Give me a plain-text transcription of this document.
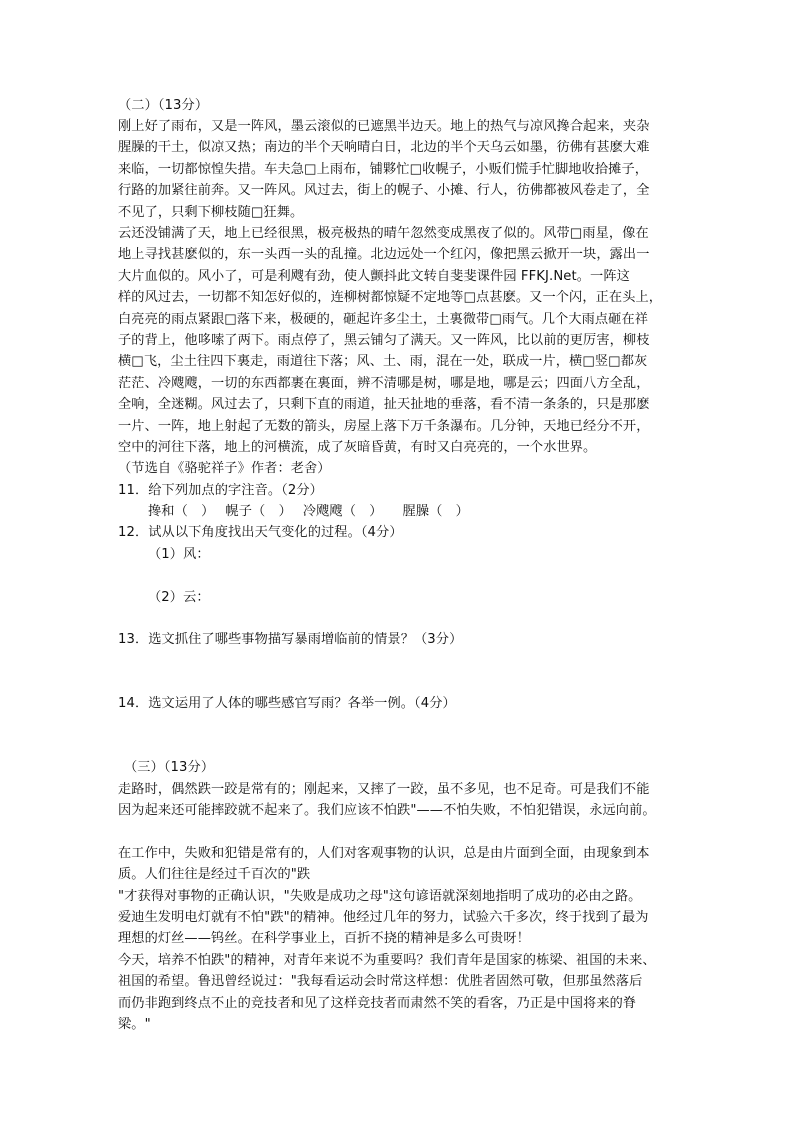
（二）（13分）
刚上好了雨布，又是一阵风，墨云滚似的已遮黑半边天。地上的热气与凉风搀合起来，夹杂
腥臊的干土，似凉又热；南边的半个天响晴白日，北边的半个天乌云如墨，彷佛有甚麽大难
来临，一切都惊惶失措。车夫急□上雨布，铺夥忙□收幌子，小贩们慌手忙脚地收拾摊子，
行路的加紧往前奔。又一阵风。风过去，街上的幌子、小摊、行人，彷佛都被风卷走了，全
不见了，只剩下柳枝随□狂舞。
云还没铺满了天，地上已经很黑，极亮极热的晴午忽然变成黑夜了似的。风带□雨星，像在
地上寻找甚麽似的，东一头西一头的乱撞。北边远处一个红闪，像把黑云掀开一块，露出一
大片血似的。风小了，可是利飕有劲，使人颤抖此文转自斐斐课件园 FFKJ.Net。一阵这
样的风过去，一切都不知怎好似的，连柳树都惊疑不定地等□点甚麽。又一个闪，正在头上，
白亮亮的雨点紧跟□落下来，极硬的，砸起许多尘土，土裏微带□雨气。几个大雨点砸在祥
子的背上，他哆嗦了两下。雨点停了，黑云铺匀了满天。又一阵风，比以前的更厉害，柳枝
横□飞，尘土往四下裏走，雨道往下落；风、土、雨，混在一处，联成一片，横□竖□都灰
茫茫、冷飕飕，一切的东西都裹在裏面，辨不清哪是树，哪是地，哪是云；四面八方全乱，
全响，全迷糊。风过去了，只剩下直的雨道，扯天扯地的垂落，看不清一条条的，只是那麽
一片、一阵，地上射起了无数的箭头，房屋上落下万千条瀑布。几分钟，天地已经分不开，
空中的河往下落，地上的河横流，成了灰暗昏黄，有时又白亮亮的，一个水世界。
（节选自《骆驼祥子》作者：老舍）
11．给下列加点的字注音。（2分）
搀和（　）　 幌子（　）　 冷飕飕（　）　　腥臊（　）
12．试从以下角度找出天气变化的过程。（4分）
（1）风：
（2）云：
13．选文抓住了哪些事物描写暴雨增临前的情景？（3分）
14．选文运用了人体的哪些感官写雨？各举一例。（4分）
（三）（13分）
走路时，偶然跌一跤是常有的；刚起来，又摔了一跤，虽不多见，也不足奇。可是我们不能
因为起来还可能摔跤就不起来了。我们应该不怕跌"——不怕失败，不怕犯错误，永远向前。
在工作中，失败和犯错是常有的，人们对客观事物的认识，总是由片面到全面，由现象到本
质。人们往往是经过千百次的"跌
"才获得对事物的正确认识，"失败是成功之母"这句谚语就深刻地指明了成功的必由之路。
爱迪生发明电灯就有不怕"跌"的精神。他经过几年的努力，试验六千多次，终于找到了最为
理想的灯丝——钨丝。在科学事业上，百折不挠的精神是多么可贵呀！
今天，培养不怕跌"的精神，对青年来说不为重要吗？我们青年是国家的栋梁、祖国的未来、
祖国的希望。鲁迅曾经说过："我每看运动会时常这样想：优胜者固然可敬，但那虽然落后
而仍非跑到终点不止的竞技者和见了这样竞技者而肃然不笑的看客，乃正是中国将来的脊
梁。"
